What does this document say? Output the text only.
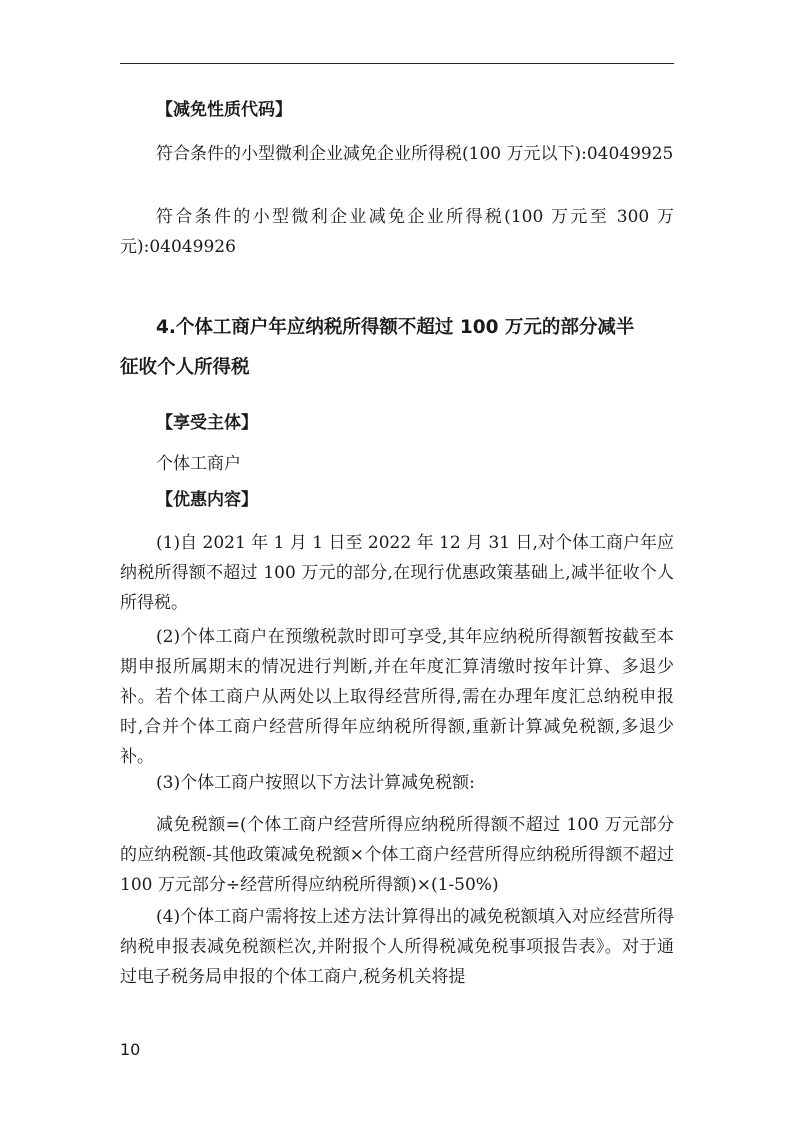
【减免性质代码】
符合条件的小型微利企业减免企业所得税(100 万元以下):04049925
符合条件的小型微利企业减免企业所得税(100 万元至 300 万元):04049926
4.个体工商户年应纳税所得额不超过 100 万元的部分减半
征收个人所得税
【享受主体】
个体工商户
【优惠内容】
(1)自 2021 年 1 月 1 日至 2022 年 12 月 31 日,对个体工商户年应纳税所得额不超过 100 万元的部分,在现行优惠政策基础上,减半征收个人所得税。
(2)个体工商户在预缴税款时即可享受,其年应纳税所得额暂按截至本期申报所属期末的情况进行判断,并在年度汇算清缴时按年计算、多退少补。若个体工商户从两处以上取得经营所得,需在办理年度汇总纳税申报时,合并个体工商户经营所得年应纳税所得额,重新计算减免税额,多退少补。
(3)个体工商户按照以下方法计算减免税额:
减免税额=(个体工商户经营所得应纳税所得额不超过 100 万元部分的应纳税额-其他政策减免税额×个体工商户经营所得应纳税所得额不超过 100 万元部分÷经营所得应纳税所得额)×(1-50%)
(4)个体工商户需将按上述方法计算得出的减免税额填入对应经营所得纳税申报表减免税额栏次,并附报个人所得税减免税事项报告表》。对于通过电子税务局申报的个体工商户,税务机关将提
10
